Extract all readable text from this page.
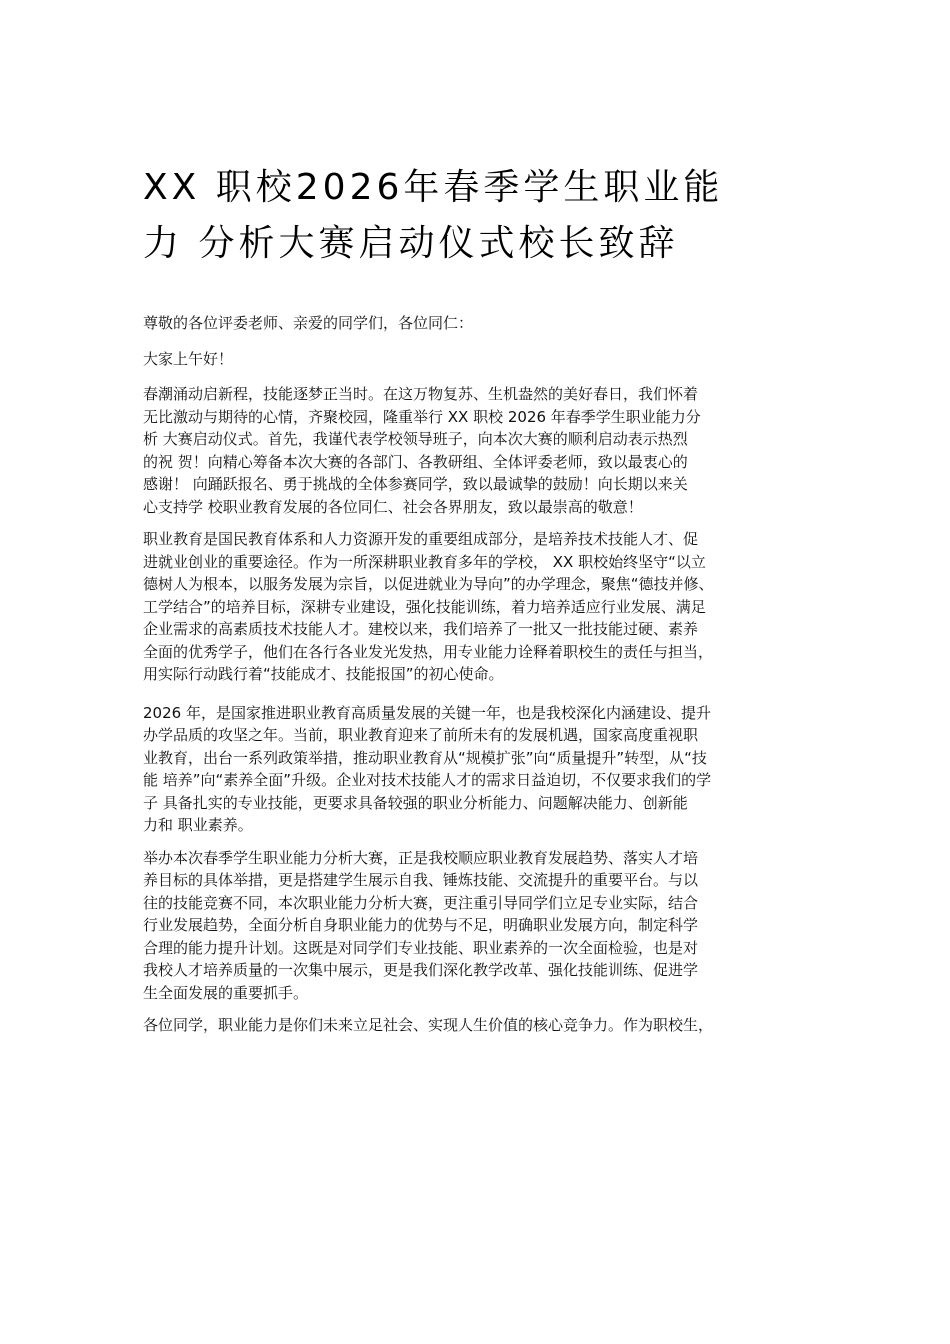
XX 职校2026年春季学生职业能
力 分析大赛启动仪式校长致辞

尊敬的各位评委老师、亲爱的同学们，各位同仁：

大家上午好！

春潮涌动启新程，技能逐梦正当时。在这万物复苏、生机盎然的美好春日，我们怀着
无比激动与期待的心情，齐聚校园，隆重举行 XX 职校 2026 年春季学生职业能力分
析 大赛启动仪式。首先，我谨代表学校领导班子，向本次大赛的顺利启动表示热烈
的祝 贺！向精心筹备本次大赛的各部门、各教研组、全体评委老师，致以最衷心的
感谢！ 向踊跃报名、勇于挑战的全体参赛同学，致以最诚挚的鼓励！向长期以来关
心支持学 校职业教育发展的各位同仁、社会各界朋友，致以最崇高的敬意！

职业教育是国民教育体系和人力资源开发的重要组成部分，是培养技术技能人才、促
进就业创业的重要途径。作为一所深耕职业教育多年的学校， XX 职校始终坚守“以立
德树人为根本，以服务发展为宗旨，以促进就业为导向”的办学理念，聚焦“德技并修、
工学结合”的培养目标，深耕专业建设，强化技能训练，着力培养适应行业发展、满足
企业需求的高素质技术技能人才。建校以来，我们培养了一批又一批技能过硬、素养
全面的优秀学子，他们在各行各业发光发热，用专业能力诠释着职校生的责任与担当，
用实际行动践行着“技能成才、技能报国”的初心使命。

2026 年，是国家推进职业教育高质量发展的关键一年，也是我校深化内涵建设、提升
办学品质的攻坚之年。当前，职业教育迎来了前所未有的发展机遇，国家高度重视职
业教育，出台一系列政策举措，推动职业教育从“规模扩张”向“质量提升”转型，从“技
能 培养”向“素养全面”升级。企业对技术技能人才的需求日益迫切，不仅要求我们的学
子 具备扎实的专业技能，更要求具备较强的职业分析能力、问题解决能力、创新能
力和 职业素养。

举办本次春季学生职业能力分析大赛，正是我校顺应职业教育发展趋势、落实人才培
养目标的具体举措，更是搭建学生展示自我、锤炼技能、交流提升的重要平台。与以
往的技能竞赛不同，本次职业能力分析大赛，更注重引导同学们立足专业实际，结合
行业发展趋势，全面分析自身职业能力的优势与不足，明确职业发展方向，制定科学
合理的能力提升计划。这既是对同学们专业技能、职业素养的一次全面检验，也是对
我校人才培养质量的一次集中展示，更是我们深化教学改革、强化技能训练、促进学
生全面发展的重要抓手。

各位同学，职业能力是你们未来立足社会、实现人生价值的核心竞争力。作为职校生，
